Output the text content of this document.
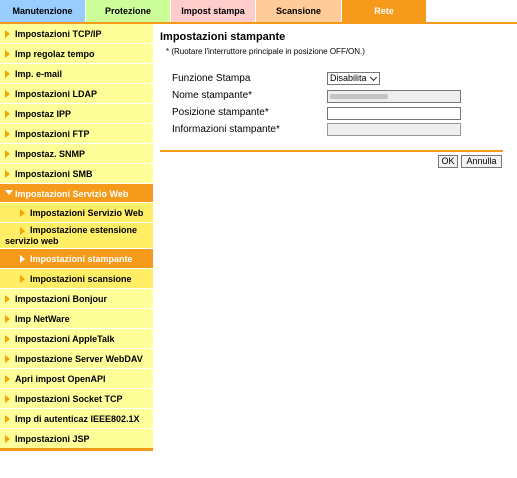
Manutenzione	Protezione	Impost stampa	Scansione	Rete
Impostazioni TCP/IP
Imp regolaz tempo
Imp. e-mail
Impostazioni LDAP
Impostaz IPP
Impostazioni FTP
Impostaz. SNMP
Impostazioni SMB
Impostazioni Servizio Web
Impostazioni Servizio Web
Impostazione estensione servizio web
Impostazioni stampante
Impostazioni scansione
Impostazioni Bonjour
Imp NetWare
Impostazioni AppleTalk
Impostazione Server WebDAV
Apri impost OpenAPI
Impostazioni Socket TCP
Imp di autenticaz IEEE802.1X
Impostazioni JSP
Impostazioni stampante
* (Ruotare l'interruttore principale in posizione OFF/ON.)
Funzione Stampa	Disabilita
Nome stampante*
Posizione stampante*
Informazioni stampante*
OK	Annulla
